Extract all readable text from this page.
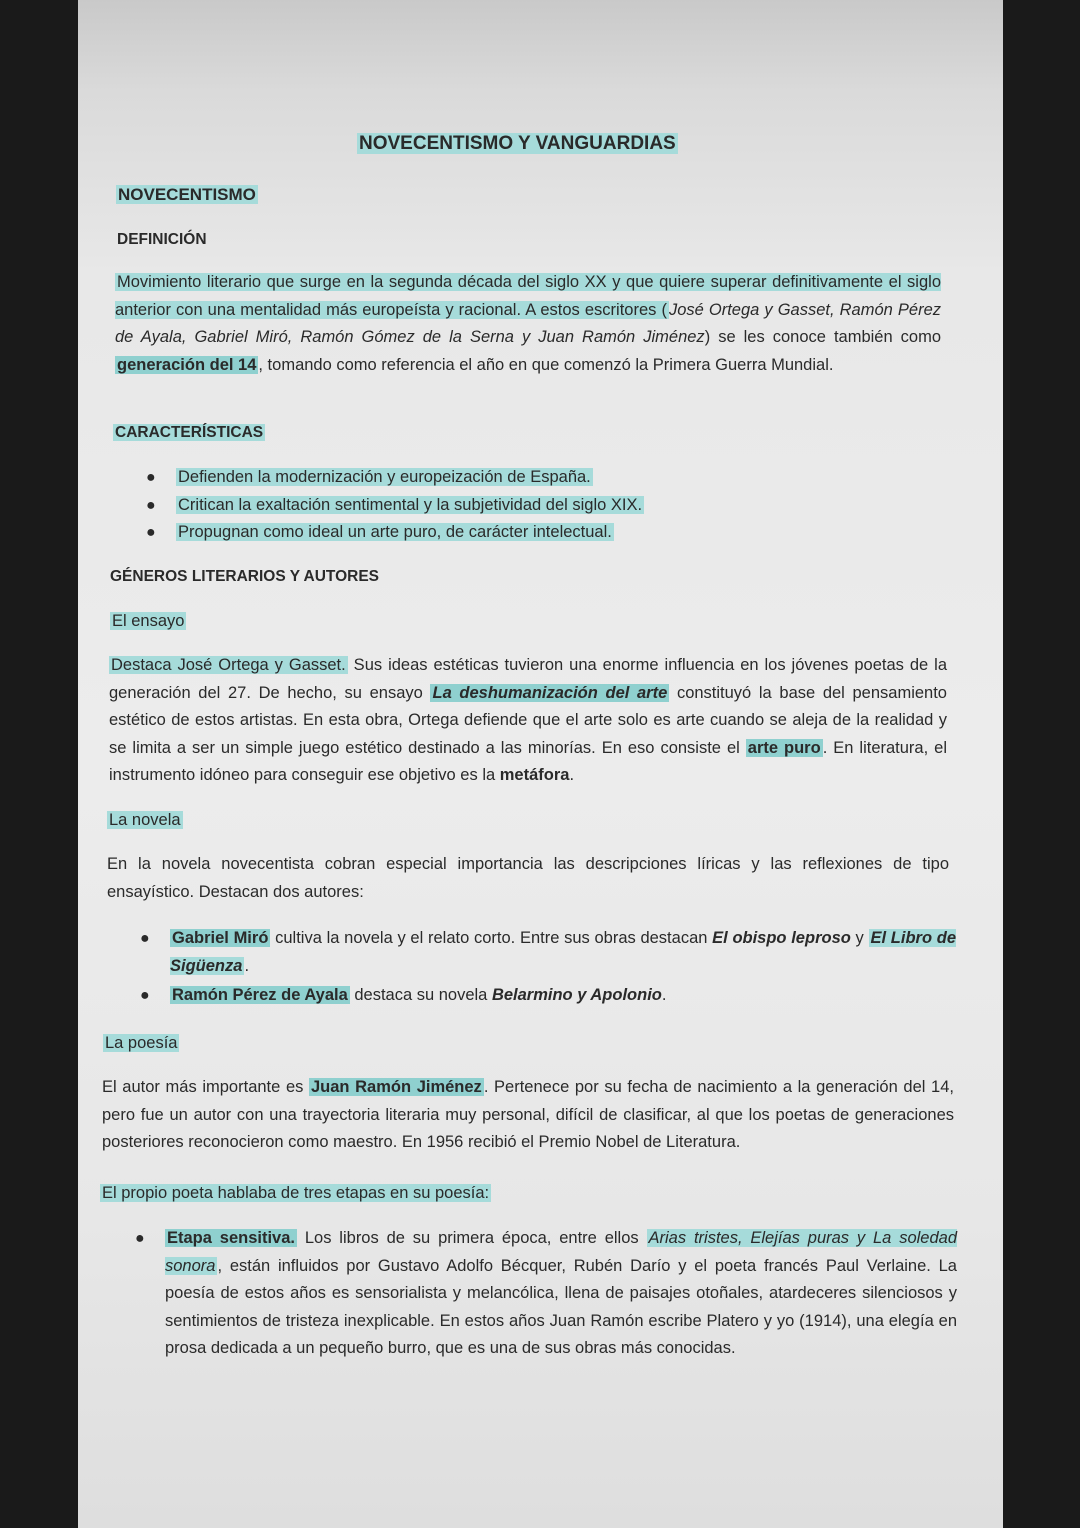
NOVECENTISMO Y VANGUARDIAS
NOVECENTISMO
DEFINICIÓN
Movimiento literario que surge en la segunda década del siglo XX y que quiere superar definitivamente el siglo anterior con una mentalidad más europeísta y racional. A estos escritores ( José Ortega y Gasset, Ramón Pérez de Ayala, Gabriel Miró, Ramón Gómez de la Serna y Juan Ramón Jiménez) se les conoce también como generación del 14 , tomando como referencia el año en que comenzó la Primera Guerra Mundial.
CARACTERÍSTICAS
● Defienden la modernización y europeización de España.
● Critican la exaltación sentimental y la subjetividad del siglo XIX.
● Propugnan como ideal un arte puro, de carácter intelectual.
GÉNEROS LITERARIOS Y AUTORES
El ensayo
Destaca José Ortega y Gasset. Sus ideas estéticas tuvieron una enorme influencia en los jóvenes poetas de la generación del 27. De hecho, su ensayo La deshumanización del arte constituyó la base del pensamiento estético de estos artistas. En esta obra, Ortega defiende que el arte solo es arte cuando se aleja de la realidad y se limita a ser un simple juego estético destinado a las minorías. En eso consiste el arte puro . En literatura, el instrumento idóneo para conseguir ese objetivo es la metáfora.
La novela
En la novela novecentista cobran especial importancia las descripciones líricas y las reflexiones de tipo ensayístico. Destacan dos autores:
● Gabriel Miró cultiva la novela y el relato corto. Entre sus obras destacan El obispo leproso y El Libro de Sigüenza .
● Ramón Pérez de Ayala destaca su novela Belarmino y Apolonio.
La poesía
El autor más importante es Juan Ramón Jiménez . Pertenece por su fecha de nacimiento a la generación del 14, pero fue un autor con una trayectoria literaria muy personal, difícil de clasificar, al que los poetas de generaciones posteriores reconocieron como maestro. En 1956 recibió el Premio Nobel de Literatura.
El propio poeta hablaba de tres etapas en su poesía:
● Etapa sensitiva. Los libros de su primera época, entre ellos Arias tristes, Elejías puras y La soledad sonora , están influidos por Gustavo Adolfo Bécquer, Rubén Darío y el poeta francés Paul Verlaine. La poesía de estos años es sensorialista y melancólica, llena de paisajes otoñales, atardeceres silenciosos y sentimientos de tristeza inexplicable. En estos años Juan Ramón escribe Platero y yo (1914), una elegía en prosa dedicada a un pequeño burro, que es una de sus obras más conocidas.
